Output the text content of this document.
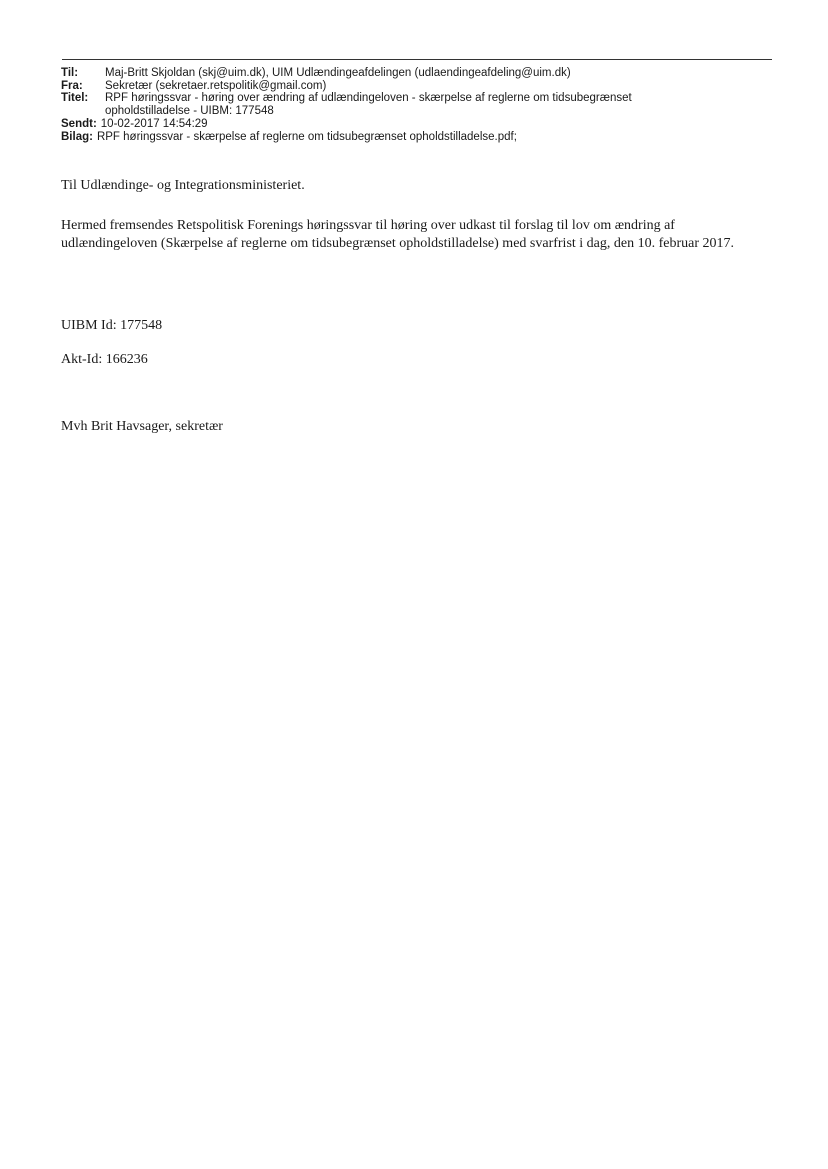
Til:	Maj-Britt Skjoldan (skj@uim.dk), UIM Udlændingeafdelingen (udlaendingeafdeling@uim.dk)
Fra:	Sekretær (sekretaer.retspolitik@gmail.com)
Titel:	RPF høringssvar - høring over ændring af udlændingeloven - skærpelse af reglerne om tidsubegrænset opholdstilladelse - UIBM: 177548
Sendt: 10-02-2017 14:54:29
Bilag: RPF høringssvar - skærpelse af reglerne om tidsubegrænset opholdstilladelse.pdf;

Til Udlændinge- og Integrationsministeriet.

Hermed fremsendes Retspolitisk Forenings høringssvar til høring over udkast til forslag til lov om ændring af udlændingeloven (Skærpelse af reglerne om tidsubegrænset opholdstilladelse) med svarfrist i dag, den 10. februar 2017.

UIBM Id: 177548

Akt-Id: 166236

Mvh Brit Havsager, sekretær
